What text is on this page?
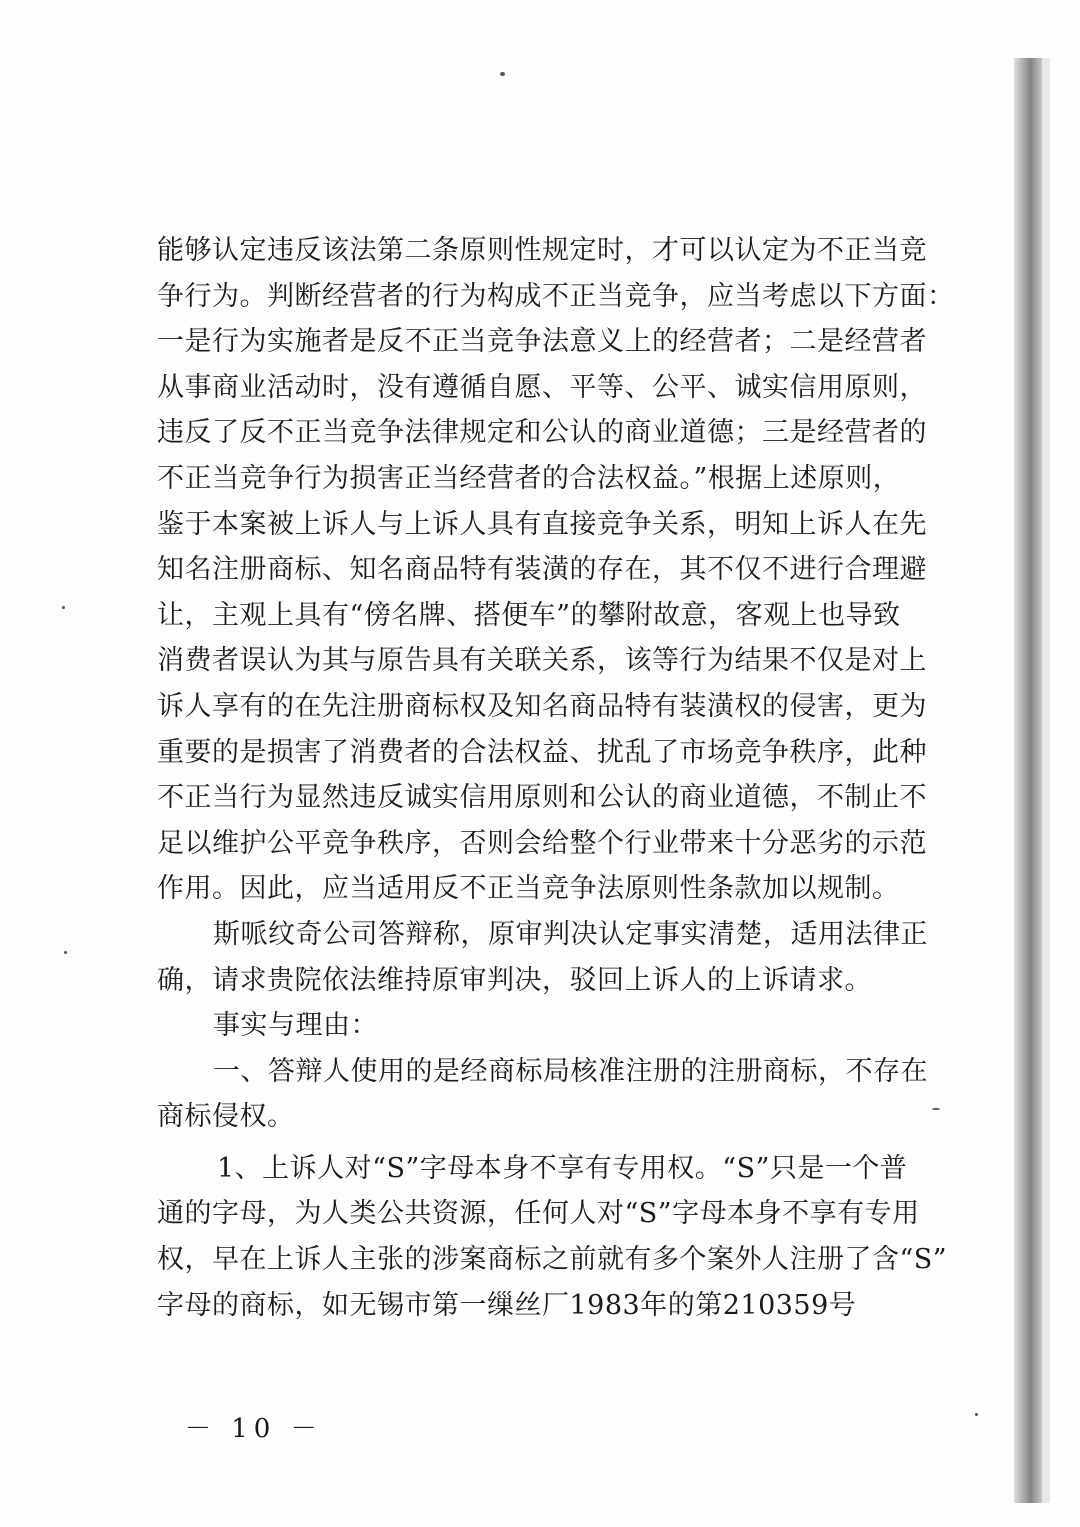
能够认定违反该法第二条原则性规定时，才可以认定为不正当竞
争行为。判断经营者的行为构成不正当竞争，应当考虑以下方面：
一是行为实施者是反不正当竞争法意义上的经营者；二是经营者
从事商业活动时，没有遵循自愿、平等、公平、诚实信用原则，
违反了反不正当竞争法律规定和公认的商业道德；三是经营者的
不正当竞争行为损害正当经营者的合法权益。”根据上述原则，
鉴于本案被上诉人与上诉人具有直接竞争关系，明知上诉人在先
知名注册商标、知名商品特有装潢的存在，其不仅不进行合理避
让，主观上具有“傍名牌、搭便车”的攀附故意，客观上也导致
消费者误认为其与原告具有关联关系，该等行为结果不仅是对上
诉人享有的在先注册商标权及知名商品特有装潢权的侵害，更为
重要的是损害了消费者的合法权益、扰乱了市场竞争秩序，此种
不正当行为显然违反诚实信用原则和公认的商业道德，不制止不
足以维护公平竞争秩序，否则会给整个行业带来十分恶劣的示范
作用。因此，应当适用反不正当竞争法原则性条款加以规制。
斯哌纹奇公司答辩称，原审判决认定事实清楚，适用法律正
确，请求贵院依法维持原审判决，驳回上诉人的上诉请求。
事实与理由：
一、答辩人使用的是经商标局核准注册的注册商标，不存在
商标侵权。
1、上诉人对“S”字母本身不享有专用权。“S”只是一个普
通的字母，为人类公共资源，任何人对“S”字母本身不享有专用
权，早在上诉人主张的涉案商标之前就有多个案外人注册了含“S”
字母的商标，如无锡市第一缫丝厂1983年的第210359号
－ 10 －
